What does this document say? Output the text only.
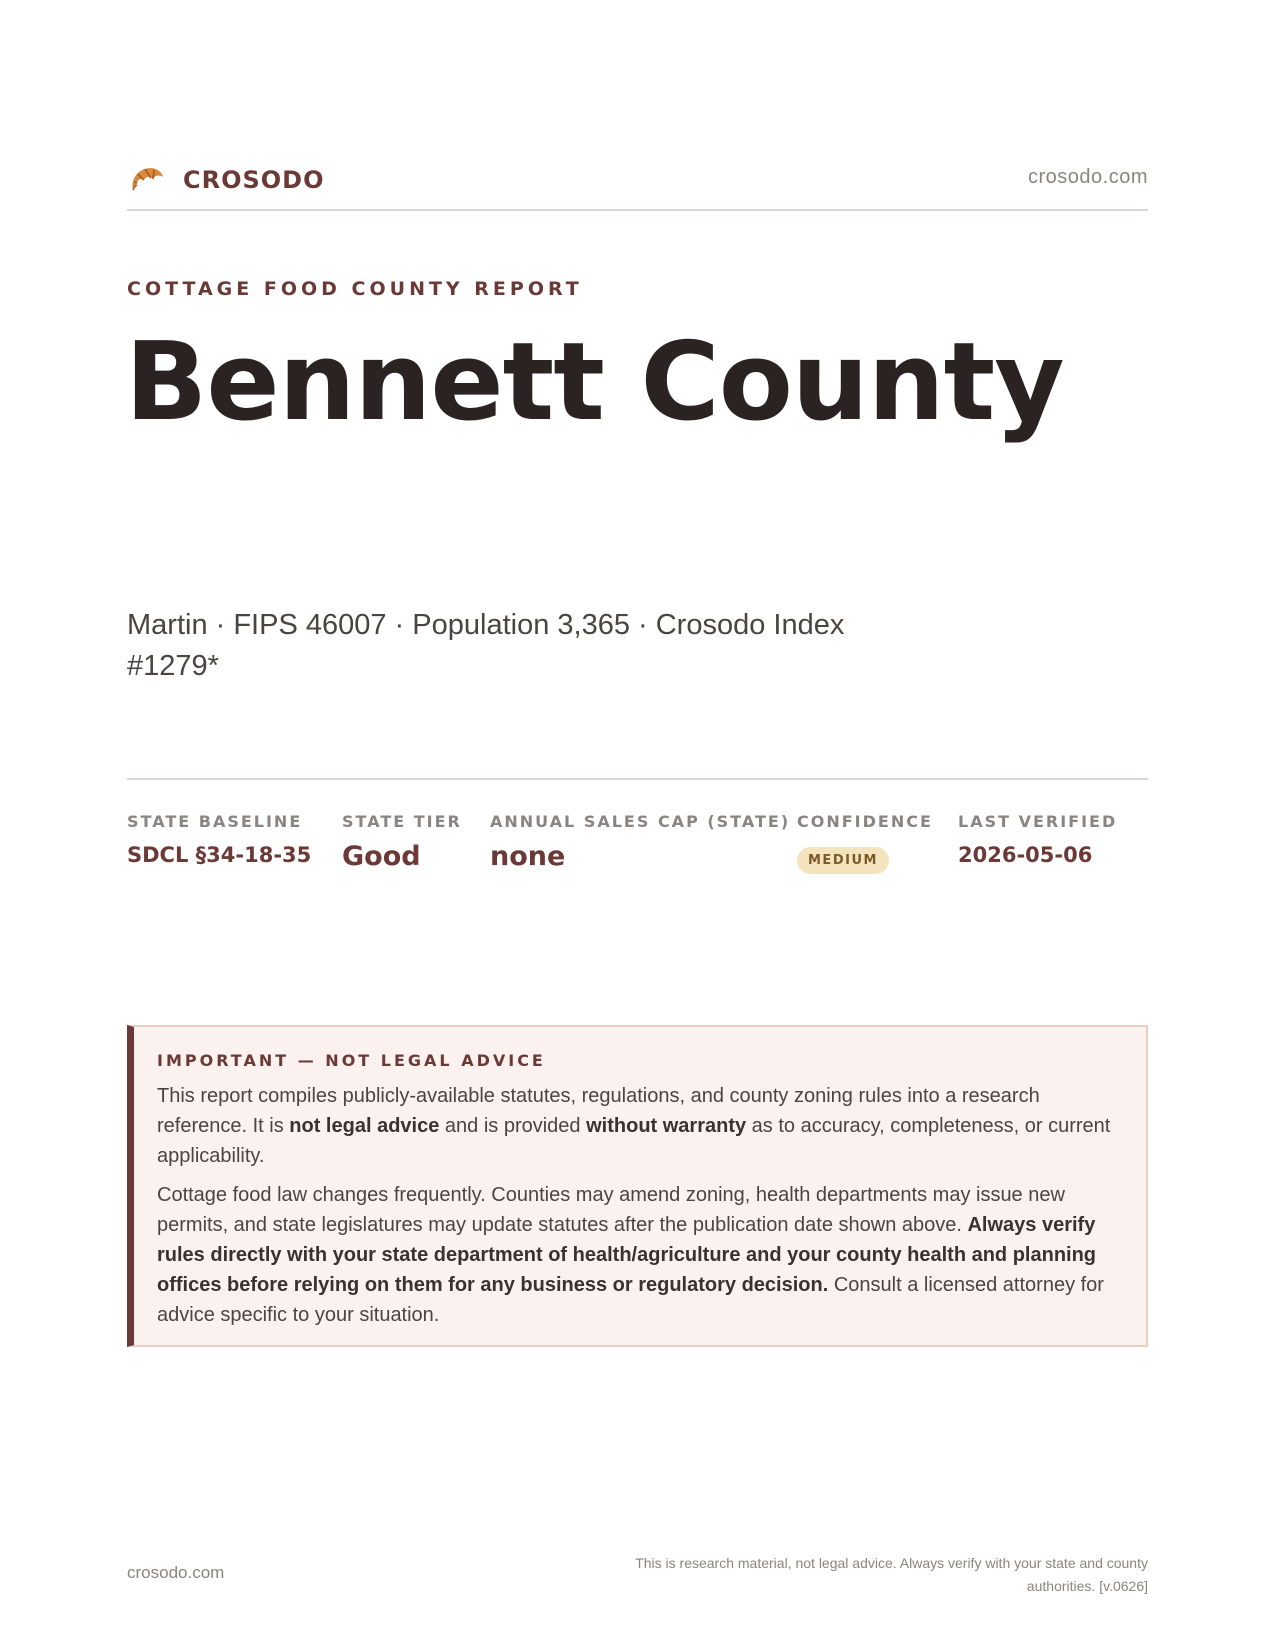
CROSODO	crosodo.com
COTTAGE FOOD COUNTY REPORT
Bennett County
Martin · FIPS 46007 · Population 3,365 · Crosodo Index #1279*
STATE BASELINE
SDCL §34-18-35
STATE TIER
Good
ANNUAL SALES CAP (STATE)
none
CONFIDENCE
MEDIUM
LAST VERIFIED
2026-05-06
IMPORTANT — NOT LEGAL ADVICE

This report compiles publicly-available statutes, regulations, and county zoning rules into a research reference. It is not legal advice and is provided without warranty as to accuracy, completeness, or current applicability.

Cottage food law changes frequently. Counties may amend zoning, health departments may issue new permits, and state legislatures may update statutes after the publication date shown above. Always verify rules directly with your state department of health/agriculture and your county health and planning offices before relying on them for any business or regulatory decision. Consult a licensed attorney for advice specific to your situation.

crosodo.com	This is research material, not legal advice. Always verify with your state and county authorities. [v.0626]
